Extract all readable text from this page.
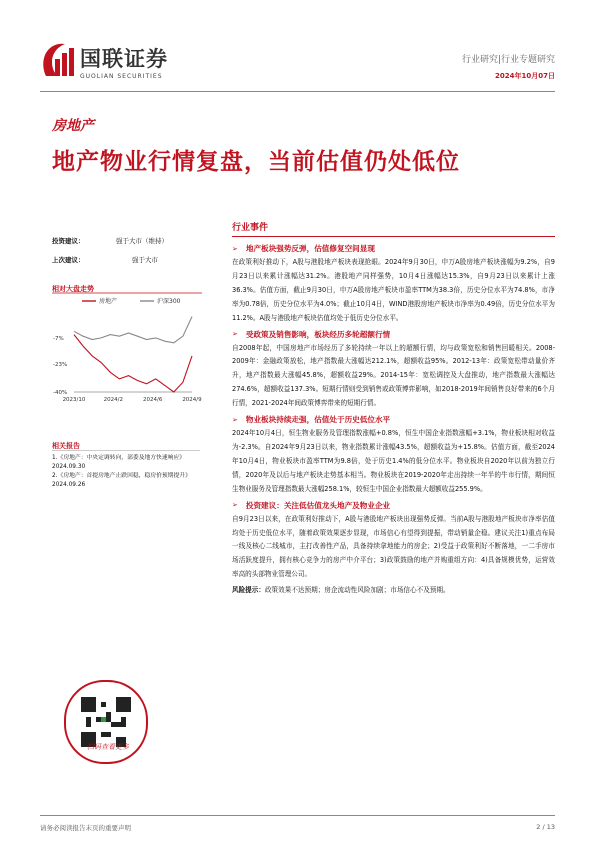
国联证券
GUOLIAN SECURITIES
行业研究|行业专题研究
2024年10月07日
房地产
地产物业行情复盘，当前估值仍处低位
投资建议：	强于大市（维持）
上次建议：	强于大市
相对大盘走势
房地产	沪深300
-7%
-23%
-40%
2023/10	2024/2	2024/6	2024/9
相关报告
1.《房地产：中央定调转向，部委及地方快速响应》2024.09.30
2.《房地产：首提房地产止跌回稳，稳房价预期提升》2024.09.26
扫码查看更多
行业事件
➢ 地产板块强势反弹，估值修复空间显现
在政策利好推动下，A股与港股地产板块表现抢眼。2024年9月30日，申万A股房地产板块涨幅为9.2%，自9月23日以来累计涨幅达31.2%。港股地产同样强势，10月4日涨幅达15.3%，自9月23日以来累计上涨36.3%。估值方面，截止9月30日，申万A股房地产板块市盈率TTM为38.3倍，历史分位水平为74.8%，市净率为0.78倍，历史分位水平为4.0%；截止10月4日，WIND港股房地产板块市净率为0.49倍，历史分位水平为11.2%。A股与港股地产板块估值均处于低历史分位水平。
➢ 受政策及销售影响，板块经历多轮超额行情
自2008年起，中国房地产市场经历了多轮持续一年以上的超额行情，均与政策宽松和销售回暖相关。2008-2009年：金融政策放松，地产指数最大涨幅达212.1%，超额收益95%。2012-13年：政策宽松带动量价齐升，地产指数最大涨幅45.8%，超额收益29%。2014-15年：宽松调控及大盘推动，地产指数最大涨幅达274.6%，超额收益137.3%。短期行情则受到销售或政策博弈影响，如2018-2019年间销售良好带来的6个月行情，2021-2024年间政策博弈带来的短期行情。
➢ 物业板块持续走强，估值处于历史低位水平
2024年10月4日，恒生物业服务及管理指数涨幅+0.8%，恒生中国企业指数涨幅+3.1%，物业板块相对收益为-2.3%。自2024年9月23日以来，物业指数累计涨幅43.5%，超额收益为+15.8%。估值方面，截至2024年10月4日，物业板块市盈率TTM为9.8倍，处于历史1.4%的低分位水平。物业板块自2020年以前为独立行情，2020年及以后与地产板块走势基本相当。物业板块在2019-2020年走出持续一年半的牛市行情，期间恒生物业服务及管理指数最大涨幅258.1%，较恒生中国企业指数最大超额收益255.9%。
➢ 投资建议：关注低估值龙头地产及物业企业
自9月23日以来，在政策利好推动下，A股与港股地产板块出现强势反弹。当前A股与港股地产板块市净率估值均处于历史低位水平，随着政策效果逐步显现，市场信心有望得到提振，带动销量企稳。建议关注1)重点布局一线及核心二线城市，主打改善性产品，具备持续拿地能力的房企；2)受益于政策利好不断落地，一二手房市场活跃度提升，拥有核心竞争力的房产中介平台；3)政策鼓励的地产并购重组方向：4)具备规模优势，运营效率高的头部物业管理公司。
风险提示：政策效果不达预期；房企流动性风险加剧；市场信心不及预期。
请务必阅读报告末页的重要声明	2 / 13
